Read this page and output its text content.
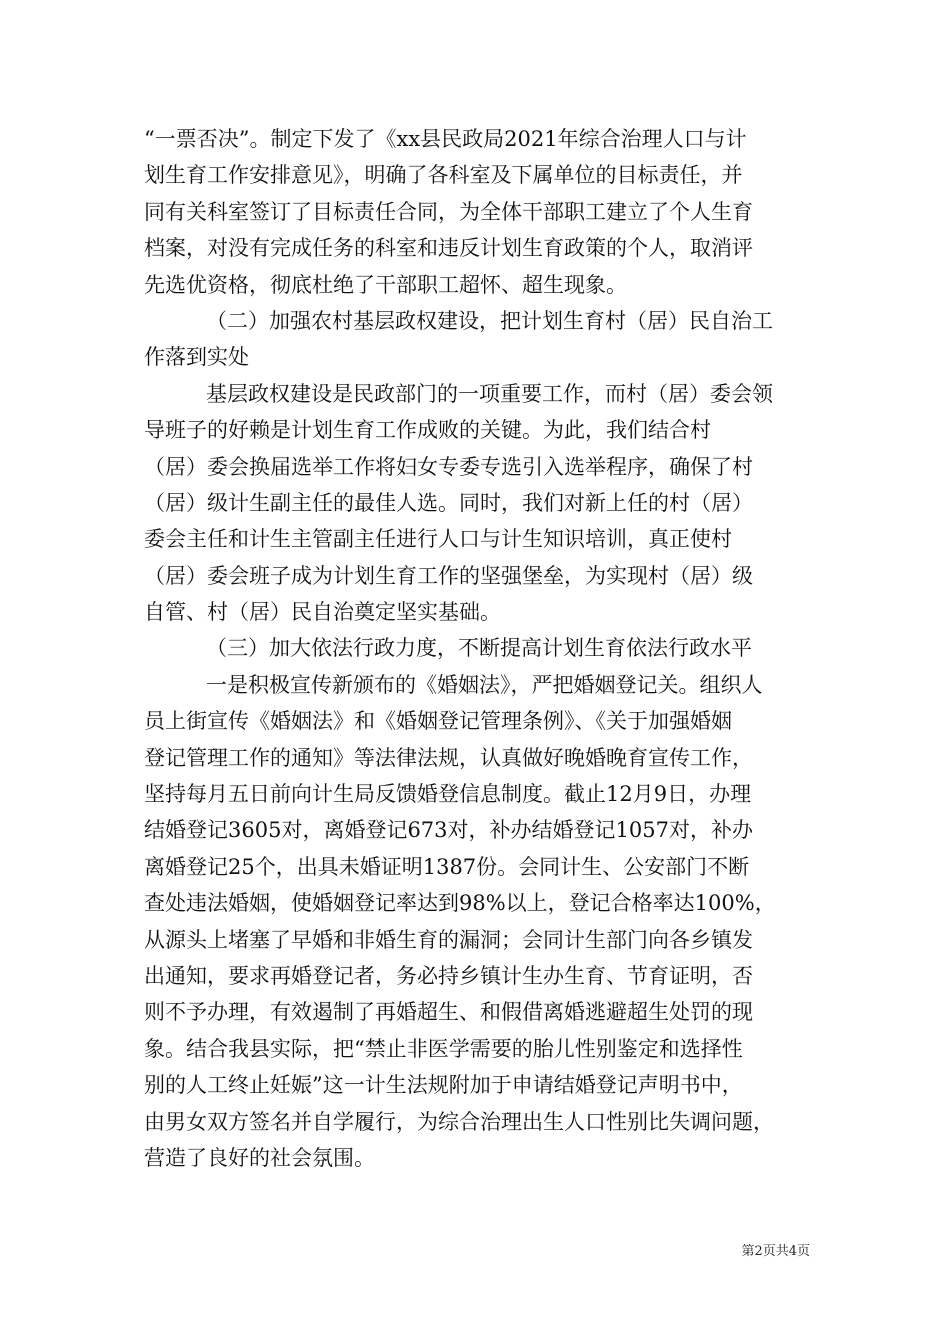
“一票否决”。制定下发了《xx县民政局2021年综合治理人口与计
划生育工作安排意见》，明确了各科室及下属单位的目标责任，并
同有关科室签订了目标责任合同，为全体干部职工建立了个人生育
档案，对没有完成任务的科室和违反计划生育政策的个人，取消评
先选优资格，彻底杜绝了干部职工超怀、超生现象。
（二）加强农村基层政权建设，把计划生育村（居）民自治工
作落到实处
基层政权建设是民政部门的一项重要工作，而村（居）委会领
导班子的好赖是计划生育工作成败的关键。为此，我们结合村
（居）委会换届选举工作将妇女专委专选引入选举程序，确保了村
（居）级计生副主任的最佳人选。同时，我们对新上任的村（居）
委会主任和计生主管副主任进行人口与计生知识培训，真正使村
（居）委会班子成为计划生育工作的坚强堡垒，为实现村（居）级
自管、村（居）民自治奠定坚实基础。
（三）加大依法行政力度，不断提高计划生育依法行政水平
一是积极宣传新颁布的《婚姻法》，严把婚姻登记关。组织人
员上街宣传《婚姻法》和《婚姻登记管理条例》、《关于加强婚姻
登记管理工作的通知》等法律法规，认真做好晚婚晚育宣传工作，
坚持每月五日前向计生局反馈婚登信息制度。截止12月9日，办理
结婚登记3605对，离婚登记673对，补办结婚登记1057对，补办
离婚登记25个，出具未婚证明1387份。会同计生、公安部门不断
查处违法婚姻，使婚姻登记率达到98%以上，登记合格率达100%，
从源头上堵塞了早婚和非婚生育的漏洞；会同计生部门向各乡镇发
出通知，要求再婚登记者，务必持乡镇计生办生育、节育证明，否
则不予办理，有效遏制了再婚超生、和假借离婚逃避超生处罚的现
象。结合我县实际，把“禁止非医学需要的胎儿性别鉴定和选择性
别的人工终止妊娠”这一计生法规附加于申请结婚登记声明书中，
由男女双方签名并自学履行，为综合治理出生人口性别比失调问题，
营造了良好的社会氛围。
第2页共4页
